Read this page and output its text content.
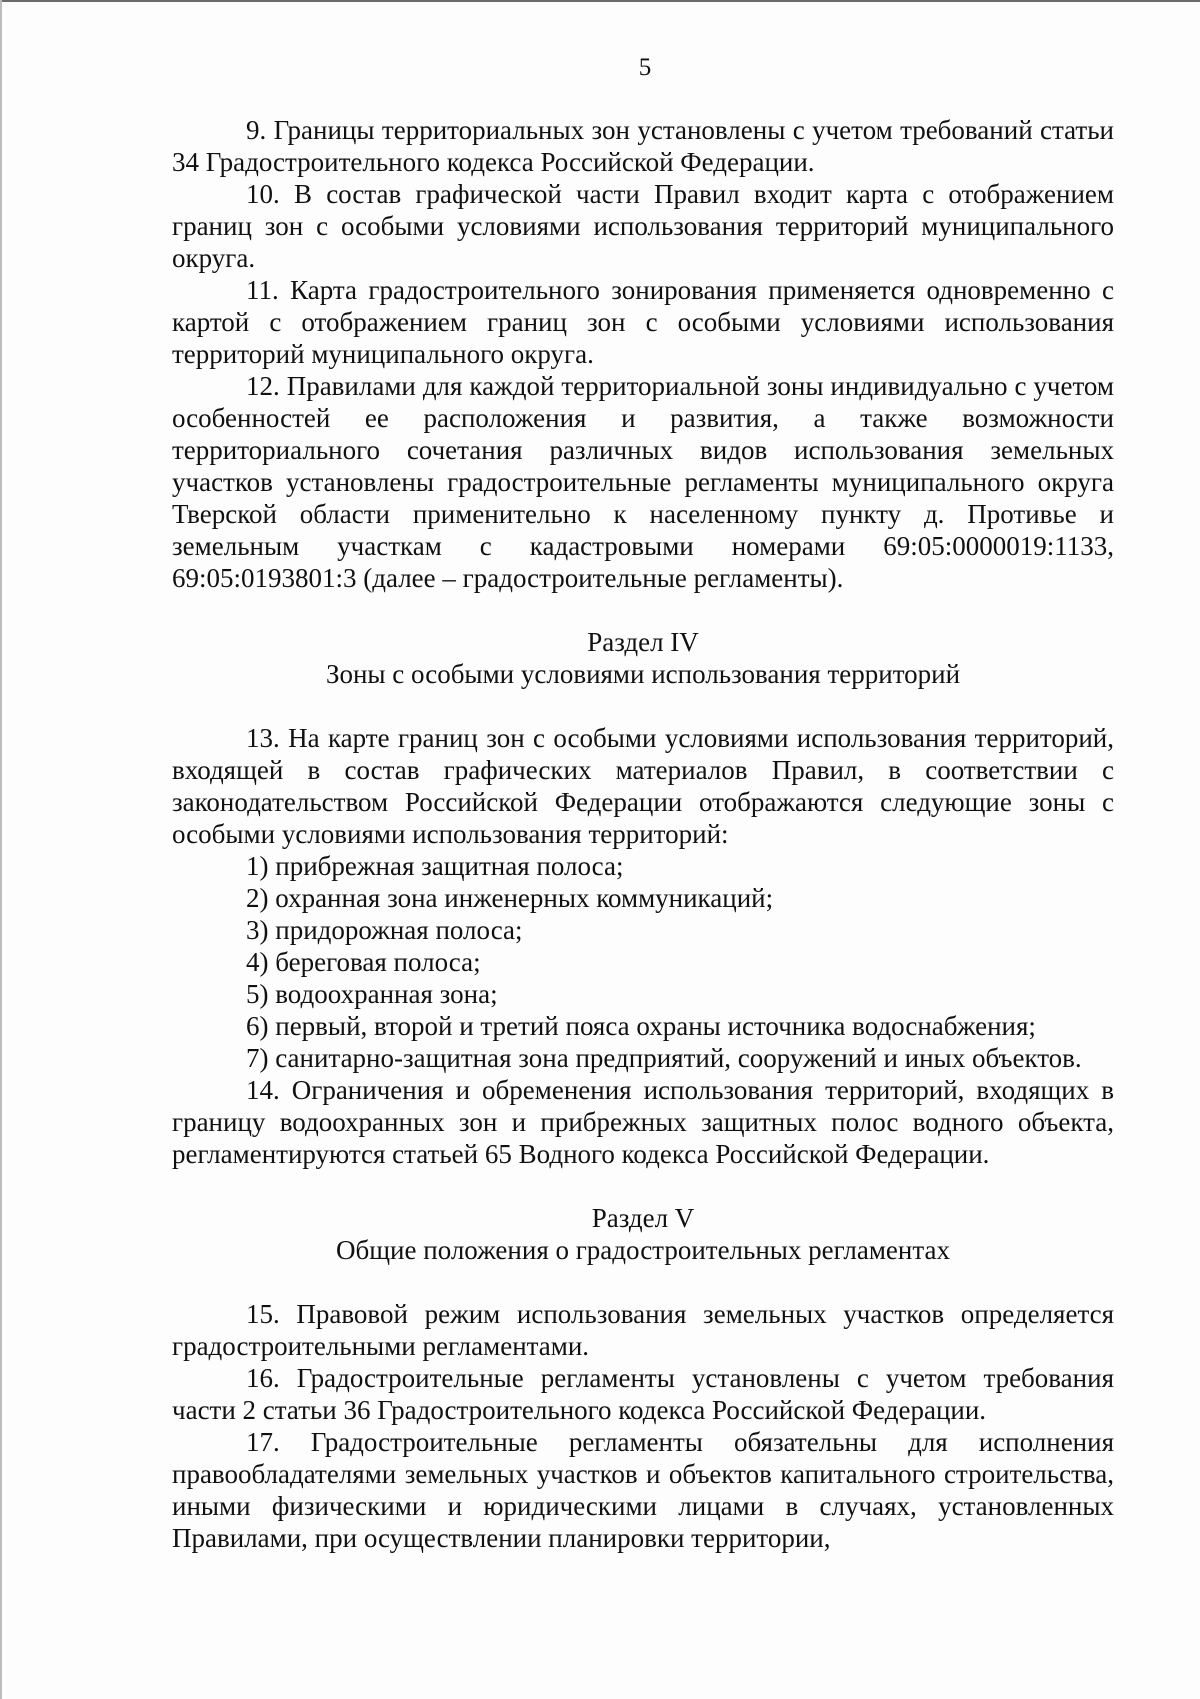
5

9. Границы территориальных зон установлены с учетом требований статьи 34 Градостроительного кодекса Российской Федерации.

10. В состав графической части Правил входит карта с отображением границ зон с особыми условиями использования территорий муниципального округа.

11. Карта градостроительного зонирования применяется одновременно с картой с отображением границ зон с особыми условиями использования территорий муниципального округа.

12. Правилами для каждой территориальной зоны индивидуально с учетом особенностей ее расположения и развития, а также возможности территориального сочетания различных видов использования земельных участков установлены градостроительные регламенты муниципального округа Тверской области применительно к населенному пункту д. Противье и земельным участкам с кадастровыми номерами 69:05:0000019:1133, 69:05:0193801:3 (далее – градостроительные регламенты).

Раздел IV

Зоны с особыми условиями использования территорий

13. На карте границ зон с особыми условиями использования территорий, входящей в состав графических материалов Правил, в соответствии с законодательством Российской Федерации отображаются следующие зоны с особыми условиями использования территорий:

1) прибрежная защитная полоса;

2) охранная зона инженерных коммуникаций;

3) придорожная полоса;

4) береговая полоса;

5) водоохранная зона;

6) первый, второй и третий пояса охраны источника водоснабжения;

7) санитарно-защитная зона предприятий, сооружений и иных объектов.

14. Ограничения и обременения использования территорий, входящих в границу водоохранных зон и прибрежных защитных полос водного объекта, регламентируются статьей 65 Водного кодекса Российской Федерации.

Раздел V

Общие положения о градостроительных регламентах

15. Правовой режим использования земельных участков определяется градостроительными регламентами.

16. Градостроительные регламенты установлены с учетом требования части 2 статьи 36 Градостроительного кодекса Российской Федерации.

17. Градостроительные регламенты обязательны для исполнения правообладателями земельных участков и объектов капитального строительства, иными физическими и юридическими лицами в случаях, установленных Правилами, при осуществлении планировки территории,
